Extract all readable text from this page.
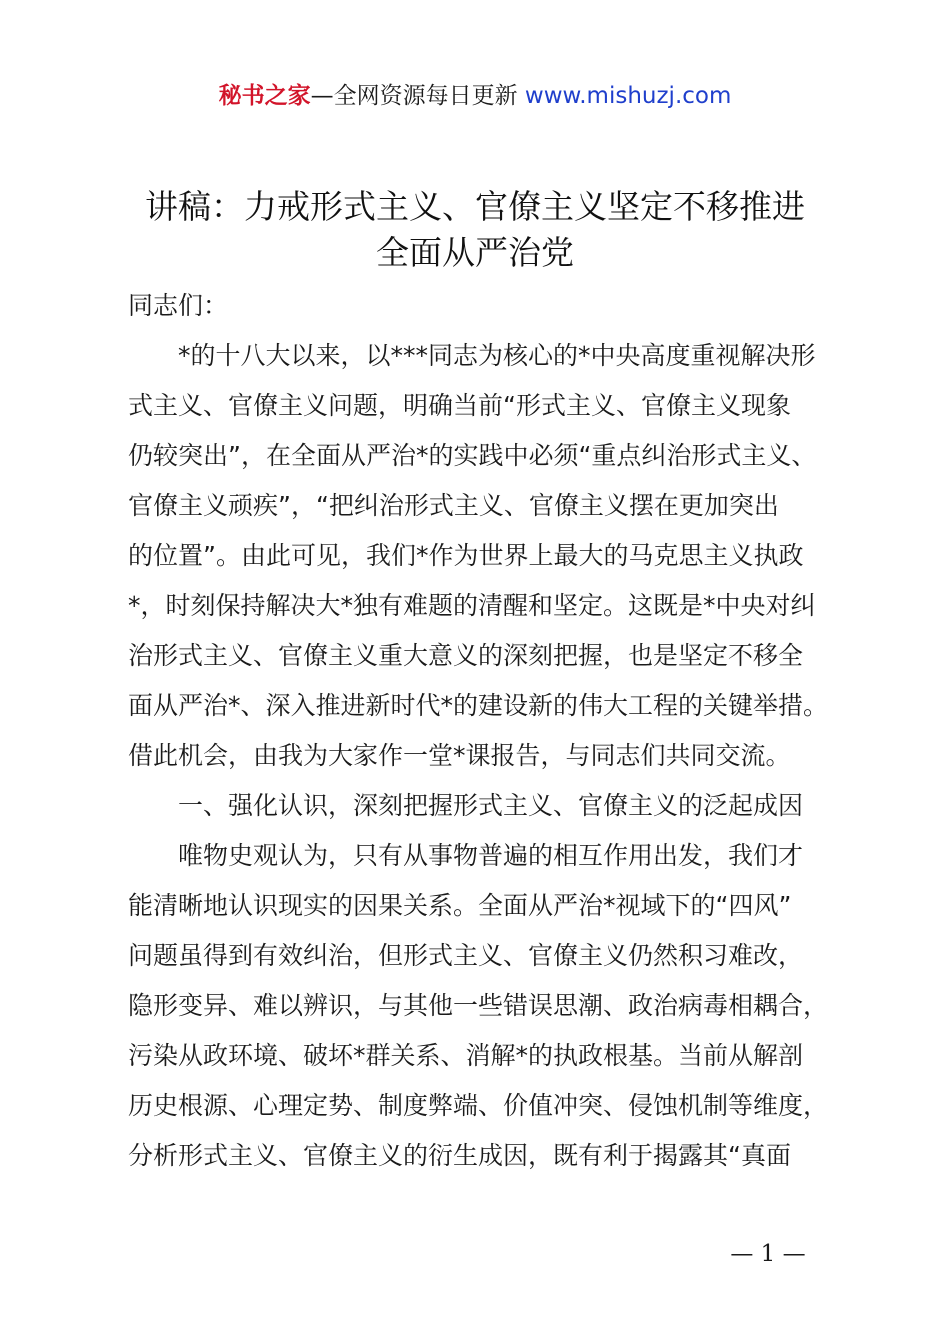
秘书之家—全网资源每日更新 www.mishuzj.com
讲稿：力戒形式主义、官僚主义坚定不移推进
全面从严治党
同志们：
　　*的十八大以来，以***同志为核心的*中央高度重视解决形
式主义、官僚主义问题，明确当前“形式主义、官僚主义现象
仍较突出”，在全面从严治*的实践中必须“重点纠治形式主义、
官僚主义顽疾”，“把纠治形式主义、官僚主义摆在更加突出
的位置”。由此可见，我们*作为世界上最大的马克思主义执政
*，时刻保持解决大*独有难题的清醒和坚定。这既是*中央对纠
治形式主义、官僚主义重大意义的深刻把握，也是坚定不移全
面从严治*、深入推进新时代*的建设新的伟大工程的关键举措。
借此机会，由我为大家作一堂*课报告，与同志们共同交流。
　　一、强化认识，深刻把握形式主义、官僚主义的泛起成因
　　唯物史观认为，只有从事物普遍的相互作用出发，我们才
能清晰地认识现实的因果关系。全面从严治*视域下的“四风”
问题虽得到有效纠治，但形式主义、官僚主义仍然积习难改，
隐形变异、难以辨识，与其他一些错误思潮、政治病毒相耦合，
污染从政环境、破坏*群关系、消解*的执政根基。当前从解剖
历史根源、心理定势、制度弊端、价值冲突、侵蚀机制等维度，
分析形式主义、官僚主义的衍生成因，既有利于揭露其“真面
— 1 —
